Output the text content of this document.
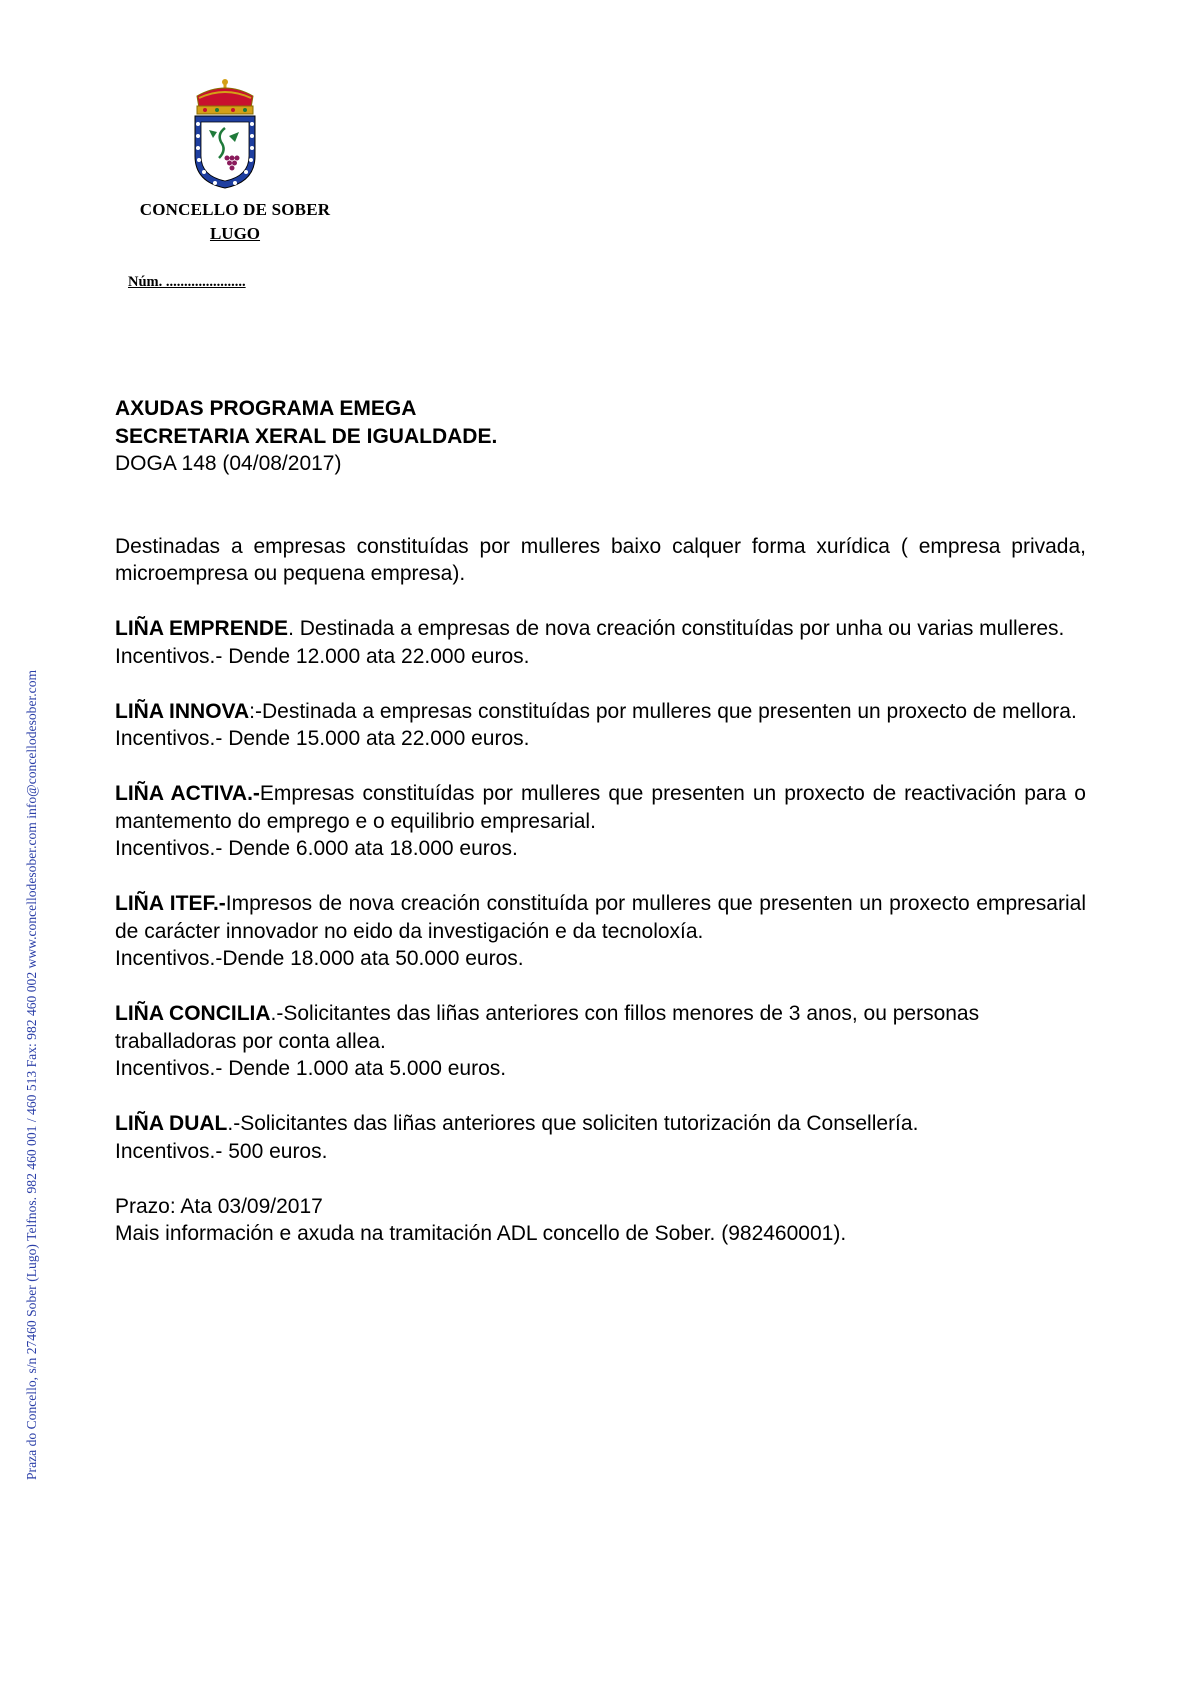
Praza do Concello, s/n 27460 Sober (Lugo) Telfnos. 982 460 001 / 460 513 Fax: 982 460 002 www.concellodesober.com info@concellodesober.com
CONCELLO DE SOBER
LUGO
Núm. ......................

AXUDAS PROGRAMA EMEGA

SECRETARIA XERAL DE IGUALDADE.

DOGA 148 (04/08/2017)

Destinadas a empresas constituídas por mulleres baixo calquer forma xurídica ( empresa privada, microempresa ou pequena empresa).

LIÑA EMPRENDE. Destinada a empresas de nova creación constituídas por unha ou varias mulleres.

Incentivos.- Dende 12.000 ata 22.000 euros.

LIÑA INNOVA:-Destinada a empresas constituídas por mulleres que presenten un proxecto de mellora.

Incentivos.- Dende 15.000 ata 22.000 euros.

LIÑA ACTIVA.-Empresas constituídas por mulleres que presenten un proxecto de reactivación para o mantemento do emprego e o equilibrio empresarial.

Incentivos.- Dende 6.000 ata 18.000 euros.

LIÑA ITEF.-Impresos de nova creación constituída por mulleres que presenten un proxecto empresarial de carácter innovador no eido da investigación e da tecnoloxía.

Incentivos.-Dende 18.000 ata 50.000 euros.

LIÑA CONCILIA.-Solicitantes das liñas anteriores con fillos menores de 3 anos, ou personas traballadoras por conta allea.

Incentivos.- Dende 1.000 ata 5.000 euros.

LIÑA DUAL.-Solicitantes das liñas anteriores que soliciten tutorización da Consellería.

Incentivos.- 500 euros.

Prazo: Ata 03/09/2017

Mais información e axuda na tramitación ADL concello de Sober. (982460001).
